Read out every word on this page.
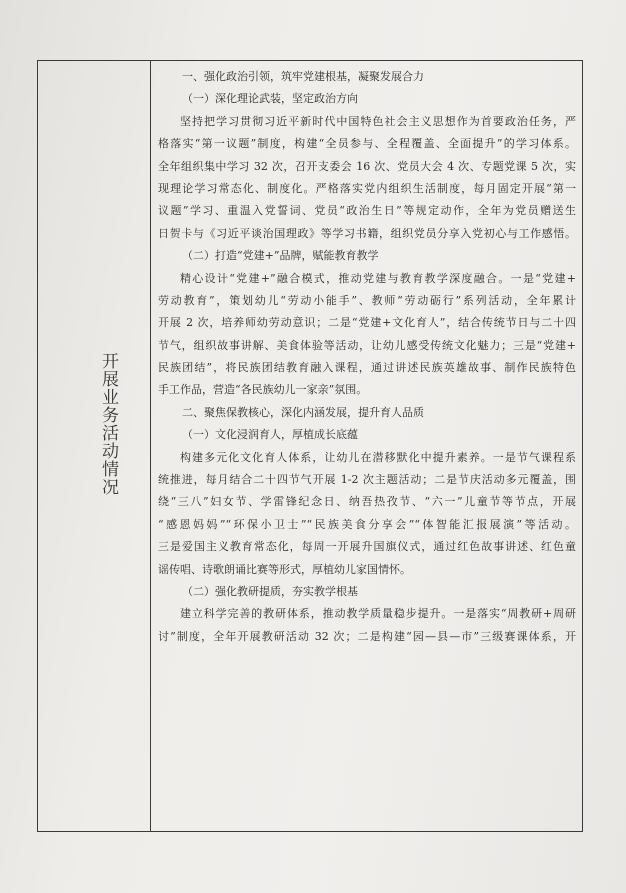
开展业务活动情况
一、强化政治引领，筑牢党建根基，凝聚发展合力
（一）深化理论武装，坚定政治方向
坚持把学习贯彻习近平新时代中国特色社会主义思想作为首要政治任务，严
格落实“第一议题”制度，构建“全员参与、全程覆盖、全面提升”的学习体系。
全年组织集中学习 32 次，召开支委会 16 次、党员大会 4 次、专题党课 5 次，实
现理论学习常态化、制度化。严格落实党内组织生活制度，每月固定开展“第一
议题”学习、重温入党誓词、党员“政治生日”等规定动作，全年为党员赠送生
日贺卡与《习近平谈治国理政》等学习书籍，组织党员分享入党初心与工作感悟。
（二）打造“党建+”品牌，赋能教育教学
精心设计“党建+”融合模式，推动党建与教育教学深度融合。一是“党建+
劳动教育”，策划幼儿“劳动小能手”、教师“劳动砺行”系列活动，全年累计
开展 2 次，培养师幼劳动意识；二是“党建+文化育人”，结合传统节日与二十四
节气，组织故事讲解、美食体验等活动，让幼儿感受传统文化魅力；三是“党建+
民族团结”，将民族团结教育融入课程，通过讲述民族英雄故事、制作民族特色
手工作品，营造“各民族幼儿一家亲”氛围。
二、聚焦保教核心，深化内涵发展，提升育人品质
（一）文化浸润育人，厚植成长底蕴
构建多元化文化育人体系，让幼儿在潜移默化中提升素养。一是节气课程系
统推进，每月结合二十四节气开展 1-2 次主题活动；二是节庆活动多元覆盖，围
绕“三八”妇女节、学雷锋纪念日、纳吾热孜节、“六一”儿童节等节点，开展
“感恩妈妈”“环保小卫士”“民族美食分享会”“体智能汇报展演”等活动。
三是爱国主义教育常态化，每周一开展升国旗仪式，通过红色故事讲述、红色童
谣传唱、诗歌朗诵比赛等形式，厚植幼儿家国情怀。
（二）强化教研提质，夯实教学根基
建立科学完善的教研体系，推动教学质量稳步提升。一是落实“周教研+周研
讨”制度，全年开展教研活动 32 次；二是构建“园—县—市”三级赛课体系，开
